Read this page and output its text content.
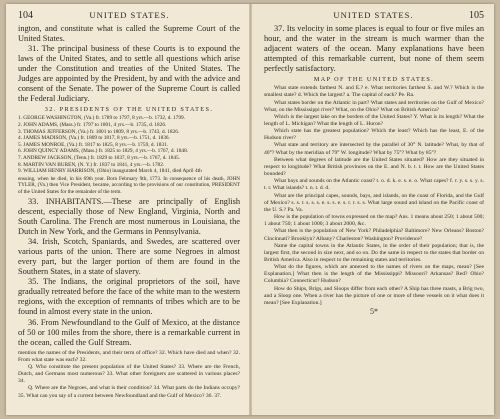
104	UNITED STATES.

ington, and constitute what is called the Supreme Court of the United States.

31. The principal business of these Courts is to expound the laws of the United States, and to settle all questions which arise under the Constitution and treaties of the United States. The Judges are appointed by the President, by and with the advice and consent of the Senate. The power of the Supreme Court is called the Federal Judiciary.

32. PRESIDENTS OF THE UNITED STATES.
1. GEORGE WASHINGTON, (Va.) fr. 1789 to 1797, 8 yrs.—b. 1732, d. 1799.
2. JOHN ADAMS, (Mass.) fr. 1797 to 1801, 4 yrs.—b. 1735, d. 1826.
3. THOMAS JEFFERSON, (Va.) fr. 1801 to 1809, 8 yrs.—b. 1743, d. 1826.
4. JAMES MADISON, (Va.) fr. 1809 to 1817, 8 yrs.—b. 1751, d. 1836.
5. JAMES MONROE, (Va.) fr. 1817 to 1825, 8 yrs.—b. 1759, d. 1831.
6. JOHN QUINCY ADAMS, (Mass.) fr. 1825 to 1829, 4 yrs.—b. 1767, d. 1848.
7. ANDREW JACKSON, (Tenn.) fr. 1829 to 1837, 8 yrs.—b. 1767, d. 1845.
8. MARTIN VAN BUREN, (N. Y.) fr. 1837 to 1841, 4 yrs.—b. 1782.
9. WILLIAM HENRY HARRISON, (Ohio) inaugurated March 4, 1841, died April 4th

ensuing, when he died, in his 69th year. Born February 9th, 1773. In consequence of his death, JOHN TYLER, (Va.) then Vice President, became, according to the provisions of our constitution, PRESIDENT of the United States for the remainder of the term.

33. INHABITANTS.—These are principally of English descent, especially those of New England, Virginia, North and South Carolina. The French are most numerous in Louisiana, the Dutch in New York, and the Germans in Pennsylvania.

34. Irish, Scotch, Spaniards, and Swedes, are scattered over various parts of the union. There are some Negroes in almost every part, but the larger portion of them are found in the Southern States, in a state of slavery.

35. The Indians, the original proprietors of the soil, have gradually retreated before the face of the white man to the western regions, with the exception of remnants of tribes which are to be found in almost every state in the union.

36. From Newfoundland to the Gulf of Mexico, at the distance of 50 or 100 miles from the shore, there is a remarkable current in the ocean, called the Gulf Stream.

mention the names of the Presidents, and their term of office? 32. Which have died and when? 32. From what state was each? 32.

Q. Who constitute the present population of the United States? 33. Where are the French, Dutch, and Germans most numerous? 33. What other foreigners are scattered in various places? 34.

Q. Where are the Negroes, and what is their condition? 34. What parts do the Indians occupy? 35. What can you say of a current between Newfoundland and the Gulf of Mexico? 36. 37.

UNITED STATES.	105

37. Its velocity in some places is equal to four or five miles an hour, and the water in the stream is much warmer than the adjacent waters of the ocean. Many explanations have been attempted of this remarkable current, but none of them seem perfectly satisfactory.

MAP OF THE UNITED STATES.

What state extends farthest N. and E.? e. What territories farthest S. and W.? Which is the smallest state? d. Which the largest? a. The capital of each? Pe. Ra.

What states border on the Atlantic in part? What states and territories on the Gulf of Mexico? What, on the Mississippi river? What, on the Ohio? What on British America?

Which is the largest lake on the borders of the United States? Y. What is its length? What the length of L. Michigan? What the length of L. Huron?

Which state has the greatest population? Which the least? Which has the least, E. of the Hudson river?

What state and territory are intersected by the parallel of 30° N. latitude? What, by that of 40°? What by the meridian of 79° W. longitude? What by 75°? What by 85°?

Between what degrees of latitude are the United States situated? How are they situated in respect to longitude? What British provinces on the E. and N. b. t. t. How are the United States bounded?

What bays and sounds on the Atlantic coast? t. o. d. k. e. s. e. o. What capes? f. r. y. s. s. y. s. t. r. What islands? t. n. t. d. d.

What are the principal capes, sounds, bays, and islands, on the coast of Florida, and the Gulf of Mexico? s. s. r. s. s. s. e. s. s. e. s. r. r. s. s. What large sound and island on the Pacific coast of the U. S.? Pa. Va.

How is the population of towns expressed on the map? Ans. 1 means about 250; 1 about 500; 1 about 750; 1 about 1000; 3 about 2000, &c.

What then is the population of New York? Philadelphia? Baltimore? New Orleans? Boston? Cincinnati? Brooklyn? Albany? Charleston? Washington? Providence?

Name the capital towns in the Atlantic States, in the order of their population; that is, the largest first, the second in size next, and so on. Do the same in respect to the states that border on British America. Also in respect to the remaining states and territories.

What do the figures, which are annexed to the names of rivers on the maps, mean? [See Explanation.] What then is the length of the Mississippi? Missouri? Arkansas? Red? Ohio? Columbia? Connecticut? Hudson?

How do Ships, Brigs, and Sloops differ from each other? A Ship has three masts, a Brig two, and a Sloop one. When a river has the picture of one or more of these vessels on it what does it mean? [See Explanation.]

5*
